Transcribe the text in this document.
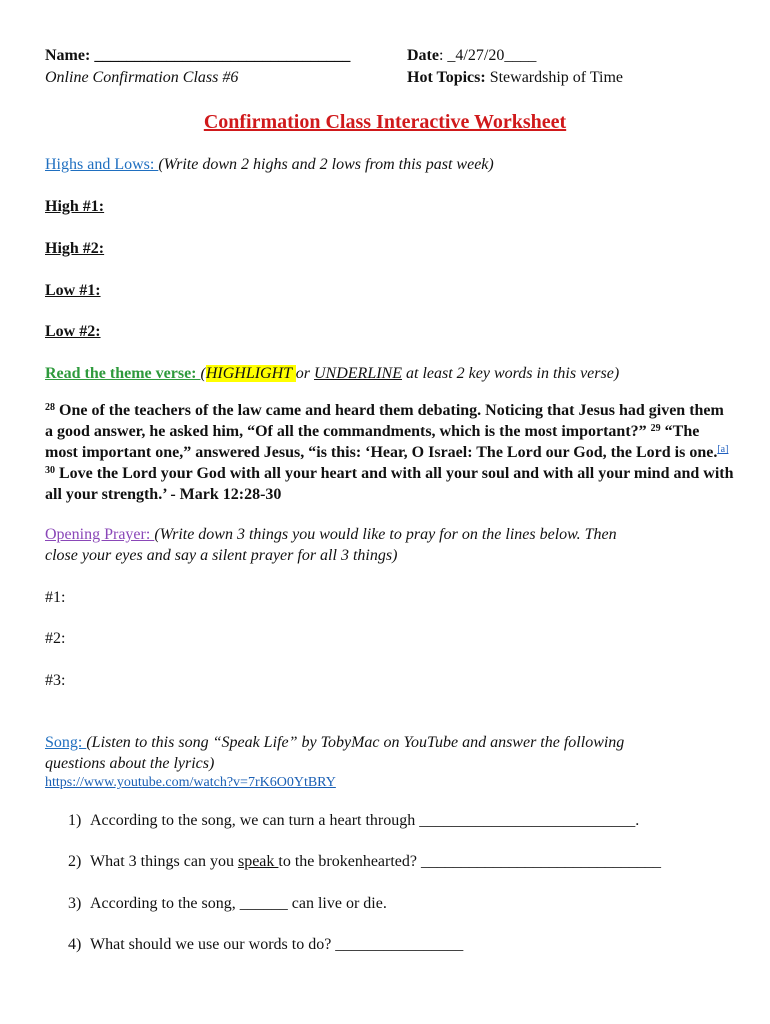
Name: ________________________________	Date: _4/27/20____
Online Confirmation Class #6	Hot Topics: Stewardship of Time
Confirmation Class Interactive Worksheet
Highs and Lows: (Write down 2 highs and 2 lows from this past week)
High #1:
High #2:
Low #1:
Low #2:
Read the theme verse: (HIGHLIGHT or UNDERLINE at least 2 key words in this verse)
$^{28}$ One of the teachers of the law came and heard them debating. Noticing that Jesus had given them a good answer, he asked him, “Of all the commandments, which is the most important?” $^{29}$ “The most important one,” answered Jesus, “is this: ‘Hear, O Israel: The Lord our God, the Lord is one.[a] $^{30}$ Love the Lord your God with all your heart and with all your soul and with all your mind and with all your strength.’ - Mark 12:28-30
Opening Prayer: (Write down 3 things you would like to pray for on the lines below. Then
close your eyes and say a silent prayer for all 3 things)
#1:
#2:
#3:
Song: (Listen to this song “Speak Life” by TobyMac on YouTube and answer the following
questions about the lyrics)
https://www.youtube.com/watch?v=7rK6O0YtBRY
1) According to the song, we can turn a heart through ___________________________.
2) What 3 things can you speak to the brokenhearted? ______________________________
3) According to the song, ______ can live or die.
4) What should we use our words to do? ________________
